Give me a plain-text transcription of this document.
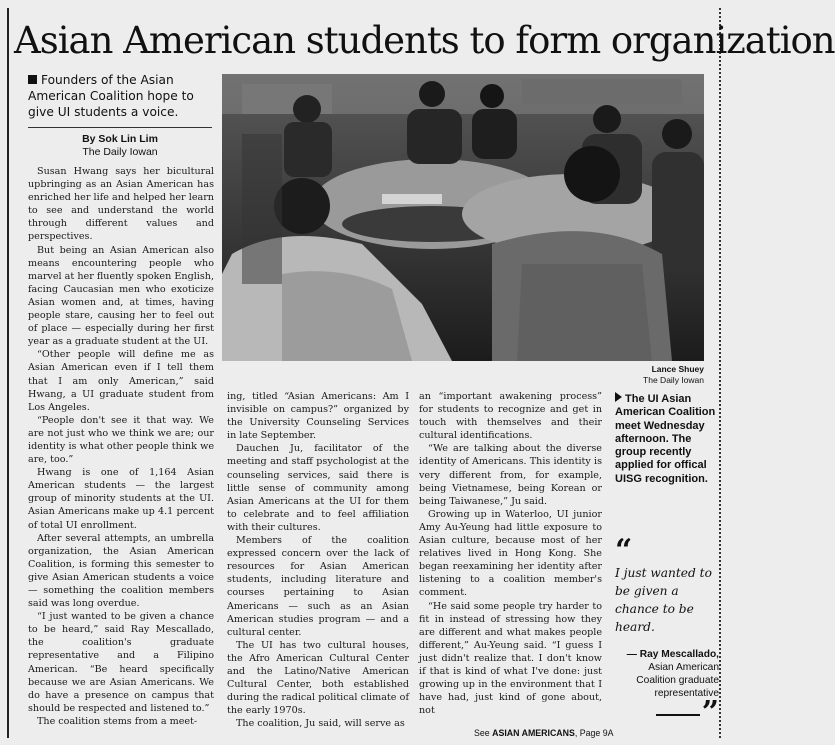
Asian American students to form organization
Founders of the Asian American Coalition hope to give UI students a voice.
By Sok Lin Lim
The Daily Iowan

Susan Hwang says her bicultural upbringing as an Asian American has enriched her life and helped her learn to see and understand the world through different values and perspectives.

But being an Asian American also means encountering people who marvel at her fluently spoken English, facing Caucasian men who exoticize Asian women and, at times, having people stare, causing her to feel out of place — especially during her first year as a graduate student at the UI.

“Other people will define me as Asian American even if I tell them that I am only American,” said Hwang, a UI graduate student from Los Angeles.

“People don't see it that way. We are not just who we think we are; our identity is what other people think we are, too.”

Hwang is one of 1,164 Asian American students — the largest group of minority students at the UI. Asian Americans make up 4.1 percent of total UI enrollment.

After several attempts, an umbrella organization, the Asian American Coalition, is forming this semester to give Asian American students a voice — something the coalition members said was long overdue.

“I just wanted to be given a chance to be heard,” said Ray Mescallado, the coalition's graduate representative and a Filipino American. “Be heard specifically because we are Asian Americans. We do have a presence on campus that should be respected and listened to.”

The coalition stems from a meet-

Lance Shuey
The Daily Iowan

ing, titled “Asian Americans: Am I invisible on campus?” organized by the University Counseling Services in late September.

Dauchen Ju, facilitator of the meeting and staff psychologist at the counseling services, said there is little sense of community among Asian Americans at the UI for them to celebrate and to feel affiliation with their cultures.

Members of the coalition expressed concern over the lack of resources for Asian American students, including literature and courses pertaining to Asian Americans — such as an Asian American studies program — and a cultural center.

The UI has two cultural houses, the Afro American Cultural Center and the Latino/Native American Cultural Center, both established during the radical political climate of the early 1970s.

The coalition, Ju said, will serve as

an “important awakening process” for students to recognize and get in touch with themselves and their cultural identifications.

“We are talking about the diverse identity of Americans. This identity is very different from, for example, being Vietnamese, being Korean or being Taiwanese,” Ju said.

Growing up in Waterloo, UI junior Amy Au-Yeung had little exposure to Asian culture, because most of her relatives lived in Hong Kong. She began reexamining her identity after listening to a coalition member's comment.

“He said some people try harder to fit in instead of stressing how they are different and what makes people different,” Au-Yeung said. “I guess I just didn't realize that. I don't know if that is kind of what I've done: just growing up in the environment that I have had, just kind of gone about, not

See ASIAN AMERICANS, Page 9A
The UI Asian American Coalition meet Wednesday afternoon. The group recently applied for offical UISG recognition.
“
I just wanted to be given a chance to be heard.
— Ray Mescallado,
Asian American Coalition graduate representative
”
